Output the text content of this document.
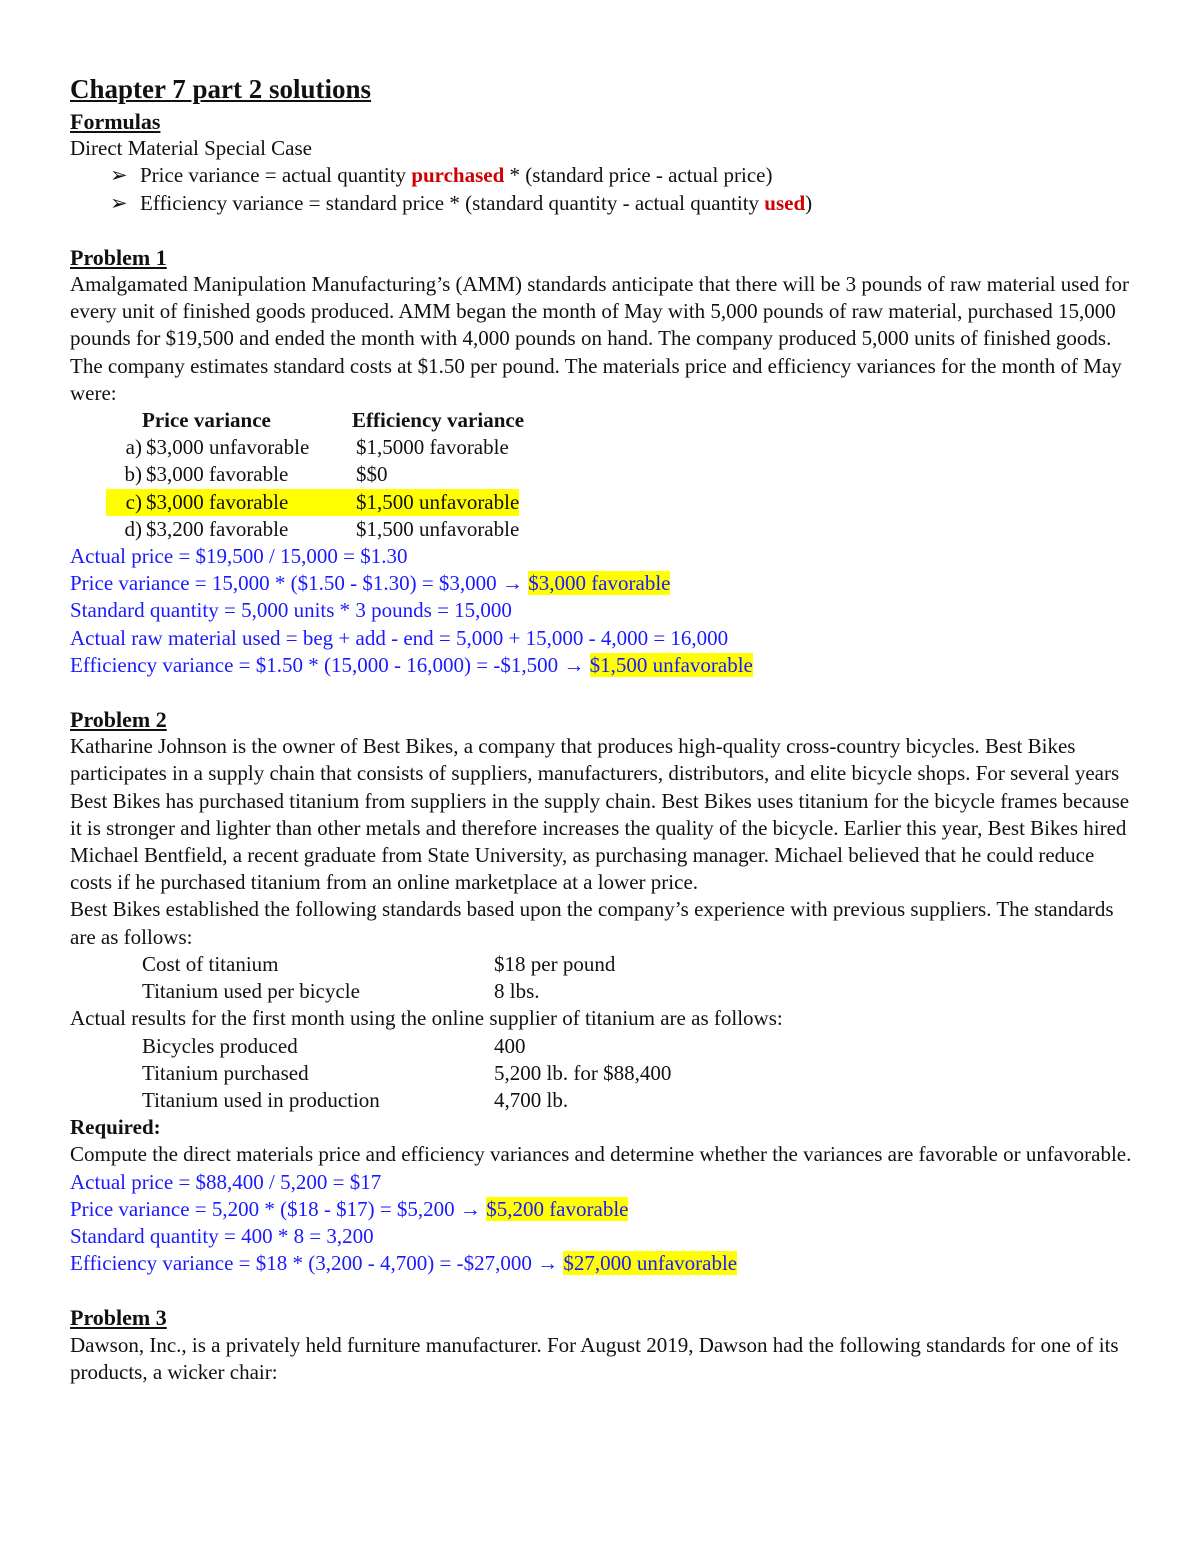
Chapter 7 part 2 solutions

Formulas
Direct Material Special Case
➢ Price variance = actual quantity purchased * (standard price - actual price)
➢ Efficiency variance = standard price * (standard quantity - actual quantity used)
Problem 1

Amalgamated Manipulation Manufacturing’s (AMM) standards anticipate that there will be 3 pounds of raw material used for every unit of finished goods produced. AMM began the month of May with 5,000 pounds of raw material, purchased 15,000 pounds for $19,500 and ended the month with 4,000 pounds on hand. The company produced 5,000 units of finished goods. The company estimates standard costs at $1.50 per pound. The materials price and efficiency variances for the month of May were:

Price variance	Efficiency variance
a) $3,000 unfavorable	$1,5000 favorable
b) $3,000 favorable	$$0
c) $3,000 favorable	$1,500 unfavorable
d) $3,200 favorable	$1,500 unfavorable
Actual price = $19,500 / 15,000 = $1.30
Price variance = 15,000 * ($1.50 - $1.30) = $3,000 → $3,000 favorable
Standard quantity = 5,000 units * 3 pounds = 15,000
Actual raw material used = beg + add - end = 5,000 + 15,000 - 4,000 = 16,000
Efficiency variance = $1.50 * (15,000 - 16,000) = -$1,500 → $1,500 unfavorable
Problem 2

Katharine Johnson is the owner of Best Bikes, a company that produces high-quality cross-country bicycles. Best Bikes participates in a supply chain that consists of suppliers, manufacturers, distributors, and elite bicycle shops. For several years Best Bikes has purchased titanium from suppliers in the supply chain. Best Bikes uses titanium for the bicycle frames because it is stronger and lighter than other metals and therefore increases the quality of the bicycle. Earlier this year, Best Bikes hired Michael Bentfield, a recent graduate from State University, as purchasing manager. Michael believed that he could reduce costs if he purchased titanium from an online marketplace at a lower price.

Best Bikes established the following standards based upon the company’s experience with previous suppliers. The standards are as follows:

Cost of titanium	$18 per pound
Titanium used per bicycle	8 lbs.

Actual results for the first month using the online supplier of titanium are as follows:

Bicycles produced	400
Titanium purchased	5,200 lb. for $88,400
Titanium used in production	4,700 lb.
Required:

Compute the direct materials price and efficiency variances and determine whether the variances are favorable or unfavorable.

Actual price = $88,400 / 5,200 = $17
Price variance = 5,200 * ($18 - $17) = $5,200 → $5,200 favorable
Standard quantity = 400 * 8 = 3,200
Efficiency variance = $18 * (3,200 - 4,700) = -$27,000 → $27,000 unfavorable
Problem 3

Dawson, Inc., is a privately held furniture manufacturer. For August 2019, Dawson had the following standards for one of its products, a wicker chair:
